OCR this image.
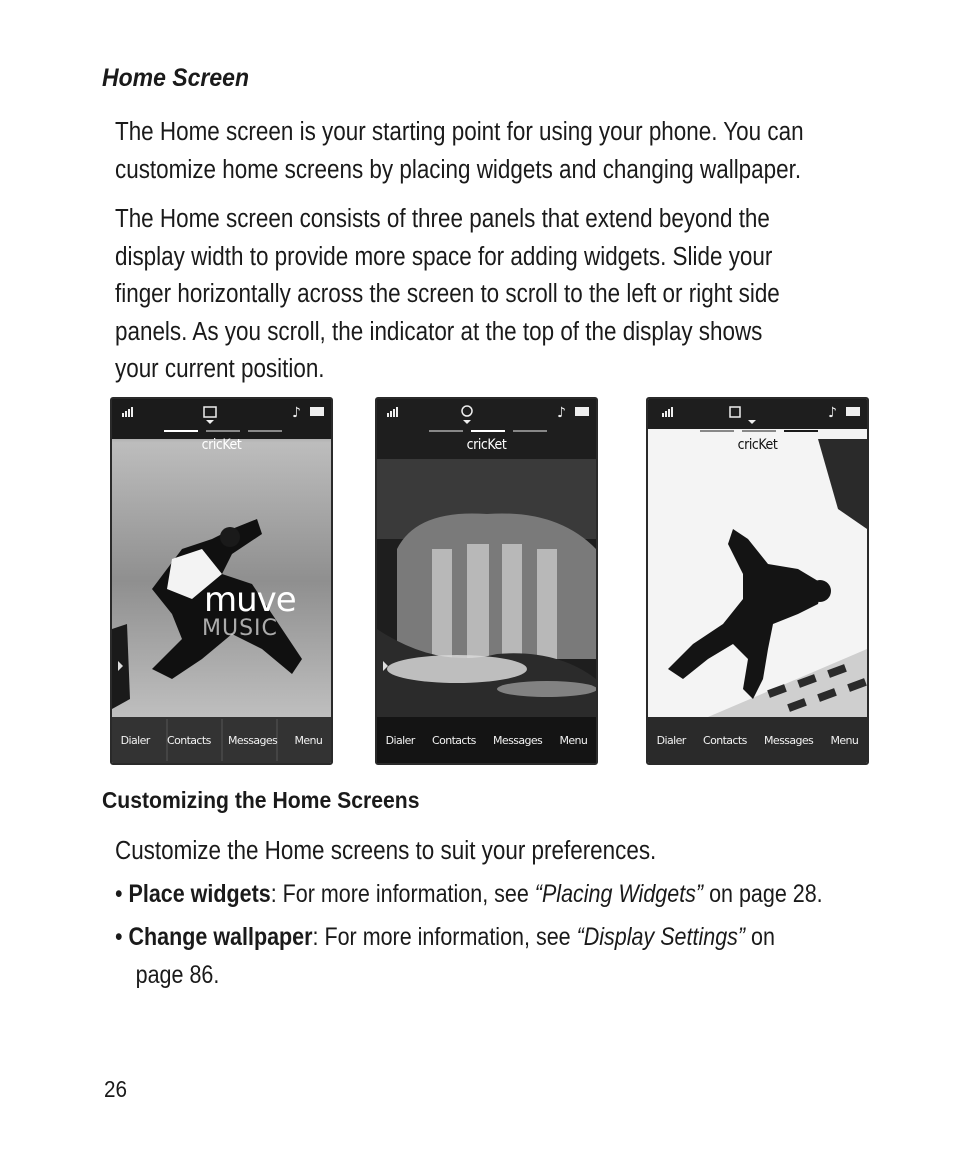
Home Screen

The Home screen is your starting point for using your phone. You can
customize home screens by placing widgets and changing wallpaper.

The Home screen consists of three panels that extend beyond the
display width to provide more space for adding widgets. Slide your
finger horizontally across the screen to scroll to the left or right side
panels. As you scroll, the indicator at the top of the display shows
your current position.

muve
MUSIC
♪
cricKet
Dialer Contacts Messages Menu
♪
cricKet
Dialer Contacts Messages Menu
♪
cricKet
Dialer Contacts Messages Menu
Customizing the Home Screens

Customize the Home screens to suit your preferences.

• Place widgets: For more information, see “Placing Widgets” on page 28.

• Change wallpaper: For more information, see “Display Settings” on
page 86.

26
